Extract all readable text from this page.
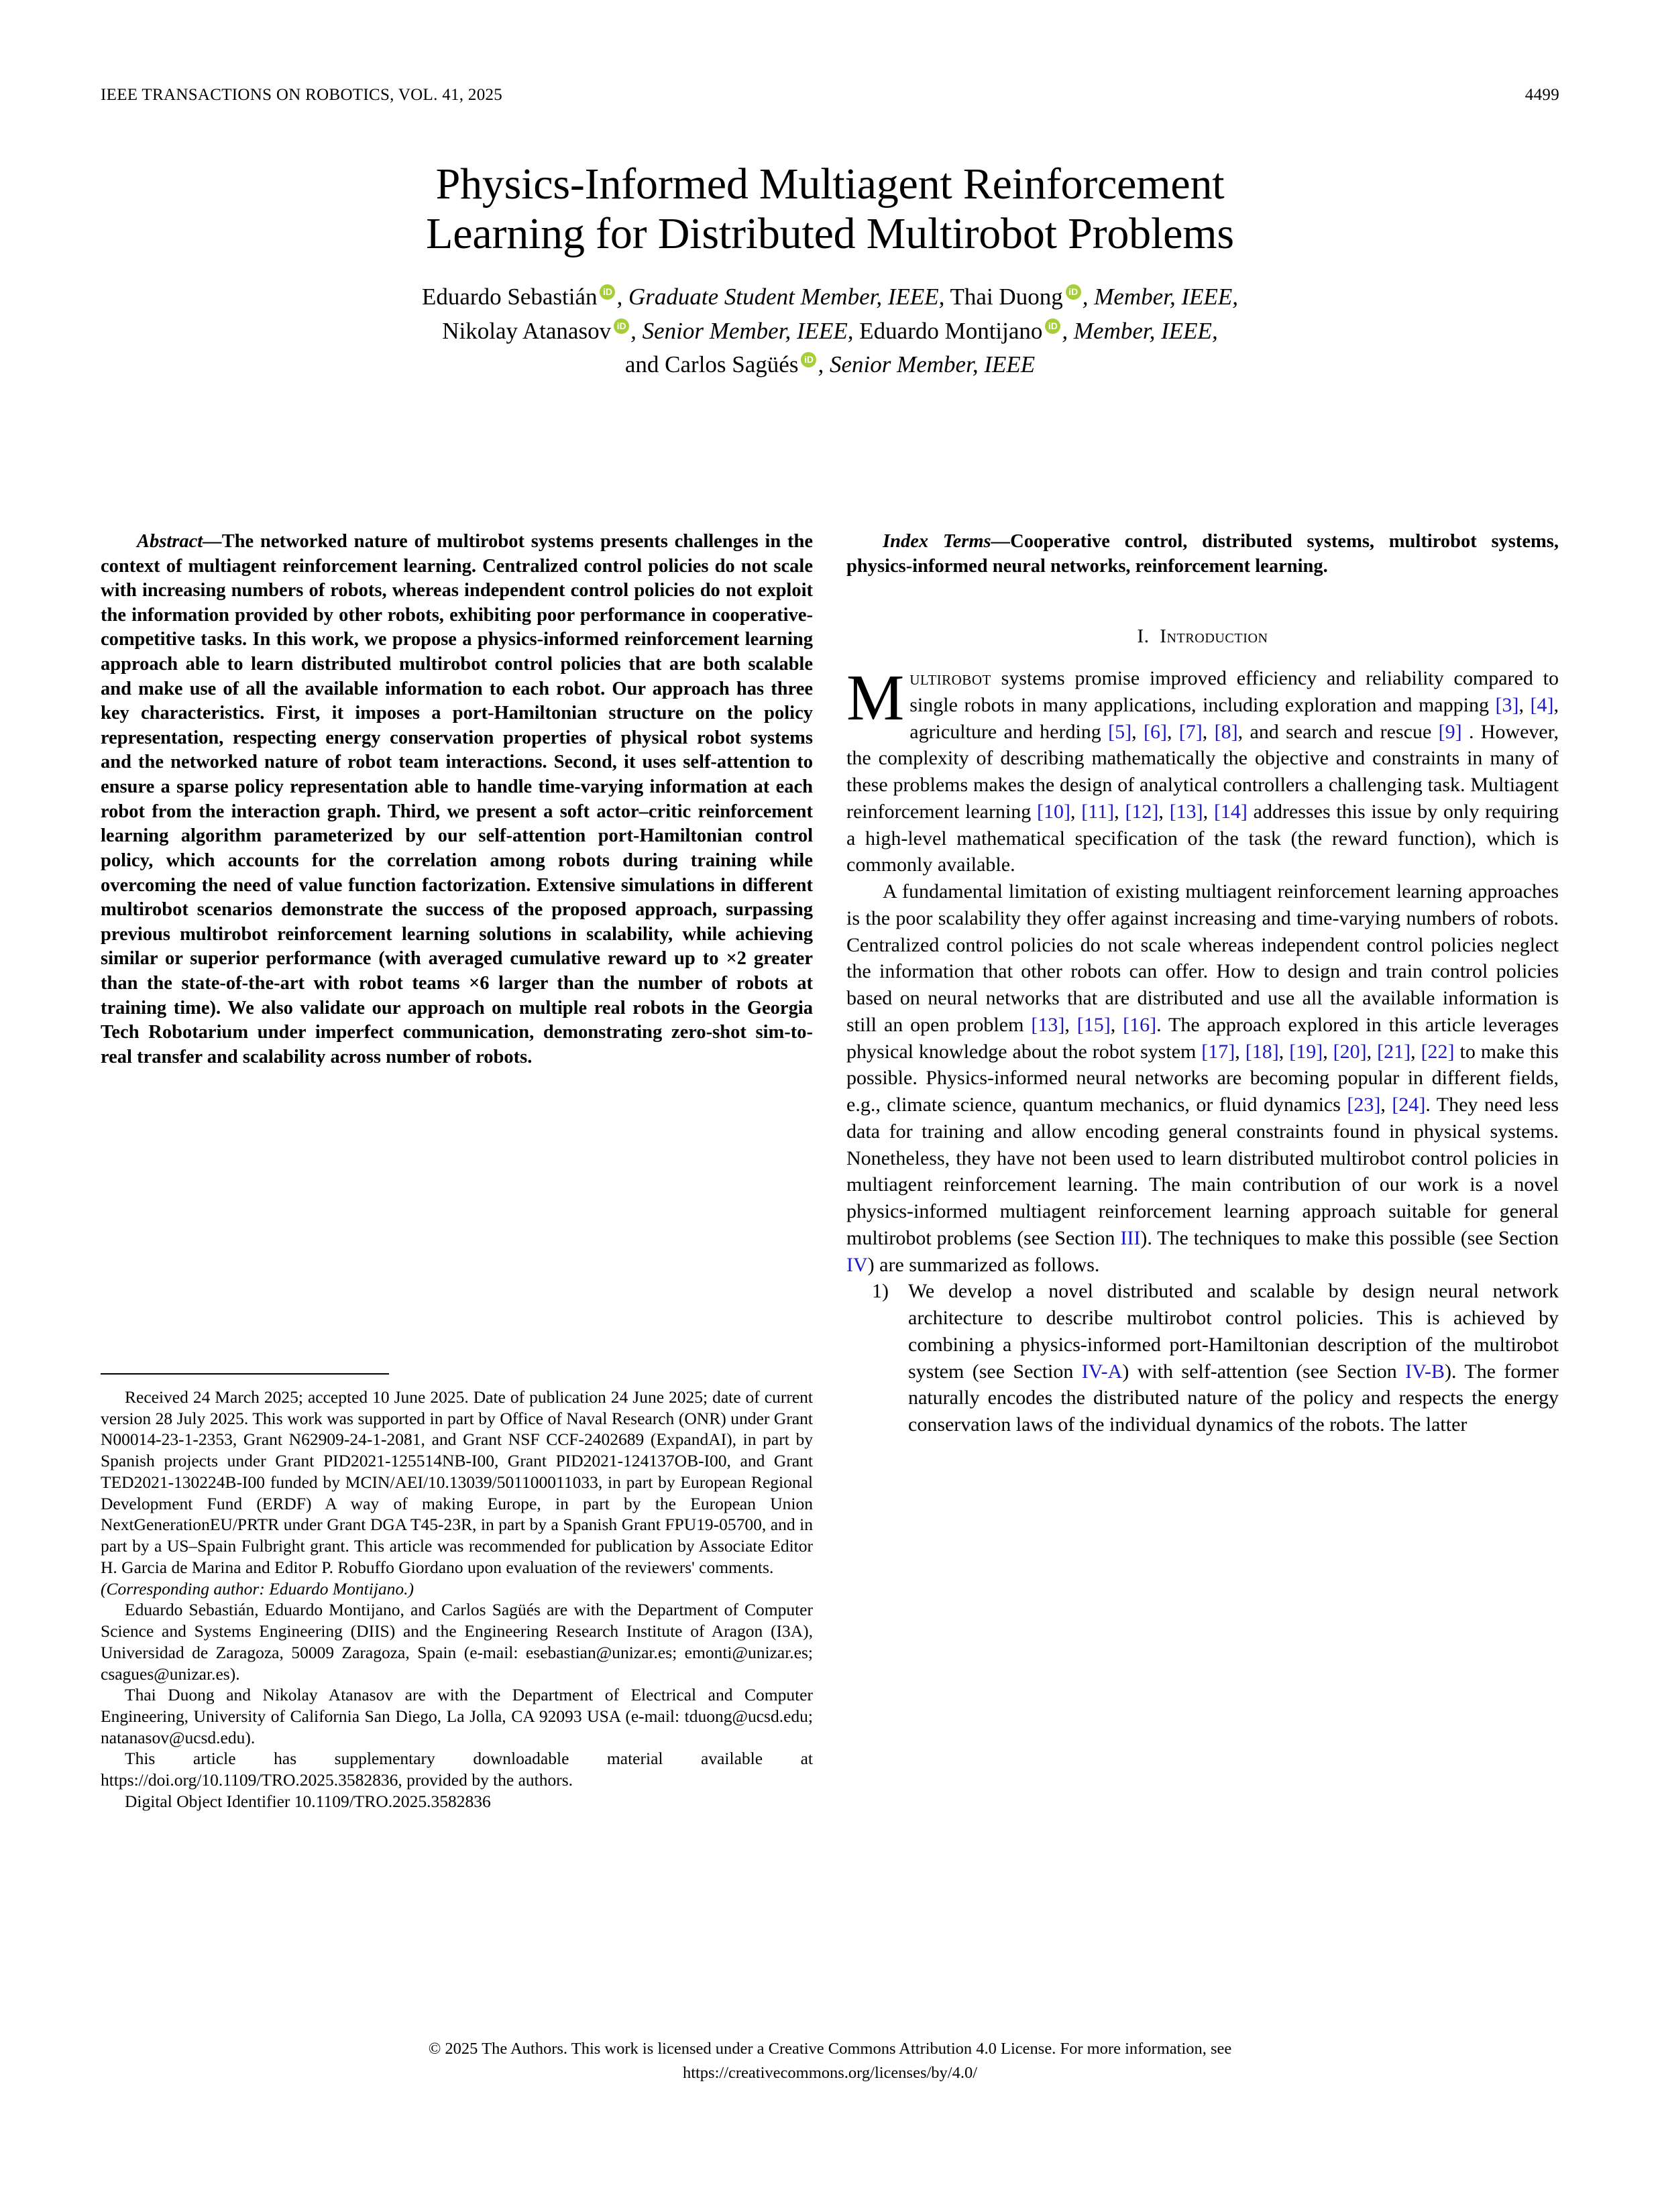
IEEE TRANSACTIONS ON ROBOTICS, VOL. 41, 2025	4499
Physics-Informed Multiagent Reinforcement
Learning for Distributed Multirobot Problems
Eduardo Sebastián iD , Graduate Student Member, IEEE, Thai Duong iD , Member, IEEE,
Nikolay Atanasov iD , Senior Member, IEEE, Eduardo Montijano iD , Member, IEEE,
and Carlos Sagüés iD , Senior Member, IEEE

Abstract—The networked nature of multirobot systems presents challenges in the context of multiagent reinforcement learning. Centralized control policies do not scale with increasing numbers of robots, whereas independent control policies do not exploit the information provided by other robots, exhibiting poor performance in cooperative-competitive tasks. In this work, we propose a physics-informed reinforcement learning approach able to learn distributed multirobot control policies that are both scalable and make use of all the available information to each robot. Our approach has three key characteristics. First, it imposes a port-Hamiltonian structure on the policy representation, respecting energy conservation properties of physical robot systems and the networked nature of robot team interactions. Second, it uses self-attention to ensure a sparse policy representation able to handle time-varying information at each robot from the interaction graph. Third, we present a soft actor–critic reinforcement learning algorithm parameterized by our self-attention port-Hamiltonian control policy, which accounts for the correlation among robots during training while overcoming the need of value function factorization. Extensive simulations in different multirobot scenarios demonstrate the success of the proposed approach, surpassing previous multirobot reinforcement learning solutions in scalability, while achieving similar or superior performance (with averaged cumulative reward up to ×2 greater than the state-of-the-art with robot teams ×6 larger than the number of robots at training time). We also validate our approach on multiple real robots in the Georgia Tech Robotarium under imperfect communication, demonstrating zero-shot sim-to-real transfer and scalability across number of robots.

Received 24 March 2025; accepted 10 June 2025. Date of publication 24 June 2025; date of current version 28 July 2025. This work was supported in part by Office of Naval Research (ONR) under Grant N00014-23-1-2353, Grant N62909-24-1-2081, and Grant NSF CCF-2402689 (ExpandAI), in part by Spanish projects under Grant PID2021-125514NB-I00, Grant PID2021-124137OB-I00, and Grant TED2021-130224B-I00 funded by MCIN/AEI/10.13039/501100011033, in part by European Regional Development Fund (ERDF) A way of making Europe, in part by the European Union NextGenerationEU/PRTR under Grant DGA T45-23R, in part by a Spanish Grant FPU19-05700, and in part by a US–Spain Fulbright grant. This article was recommended for publication by Associate Editor H. Garcia de Marina and Editor P. Robuffo Giordano upon evaluation of the reviewers' comments.

(Corresponding author: Eduardo Montijano.)

Eduardo Sebastián, Eduardo Montijano, and Carlos Sagüés are with the Department of Computer Science and Systems Engineering (DIIS) and the Engineering Research Institute of Aragon (I3A), Universidad de Zaragoza, 50009 Zaragoza, Spain (e-mail: esebastian@unizar.es; emonti@unizar.es; csagues@unizar.es).

Thai Duong and Nikolay Atanasov are with the Department of Electrical and Computer Engineering, University of California San Diego, La Jolla, CA 92093 USA (e-mail: tduong@ucsd.edu; natanasov@ucsd.edu).

This article has supplementary downloadable material available at https://doi.org/10.1109/TRO.2025.3582836, provided by the authors.

Digital Object Identifier 10.1109/TRO.2025.3582836

Index Terms—Cooperative control, distributed systems, multirobot systems, physics-informed neural networks, reinforcement learning.

I. Introduction

Multirobot systems promise improved efficiency and reliability compared to single robots in many applications, including exploration and mapping [3], [4], agriculture and herding [5], [6], [7], [8], and search and rescue [9] . However, the complexity of describing mathematically the objective and constraints in many of these problems makes the design of analytical controllers a challenging task. Multiagent reinforcement learning [10], [11], [12], [13], [14] addresses this issue by only requiring a high-level mathematical specification of the task (the reward function), which is commonly available.

A fundamental limitation of existing multiagent reinforcement learning approaches is the poor scalability they offer against increasing and time-varying numbers of robots. Centralized control policies do not scale whereas independent control policies neglect the information that other robots can offer. How to design and train control policies based on neural networks that are distributed and use all the available information is still an open problem [13], [15], [16]. The approach explored in this article leverages physical knowledge about the robot system [17], [18], [19], [20], [21], [22] to make this possible. Physics-informed neural networks are becoming popular in different fields, e.g., climate science, quantum mechanics, or fluid dynamics [23], [24]. They need less data for training and allow encoding general constraints found in physical systems. Nonetheless, they have not been used to learn distributed multirobot control policies in multiagent reinforcement learning. The main contribution of our work is a novel physics-informed multiagent reinforcement learning approach suitable for general multirobot problems (see Section III). The techniques to make this possible (see Section IV) are summarized as follows.

1) We develop a novel distributed and scalable by design neural network architecture to describe multirobot control policies. This is achieved by combining a physics-informed port-Hamiltonian description of the multirobot system (see Section IV-A) with self-attention (see Section IV-B). The former naturally encodes the distributed nature of the policy and respects the energy conservation laws of the individual dynamics of the robots. The latter
© 2025 The Authors. This work is licensed under a Creative Commons Attribution 4.0 License. For more information, see
https://creativecommons.org/licenses/by/4.0/
